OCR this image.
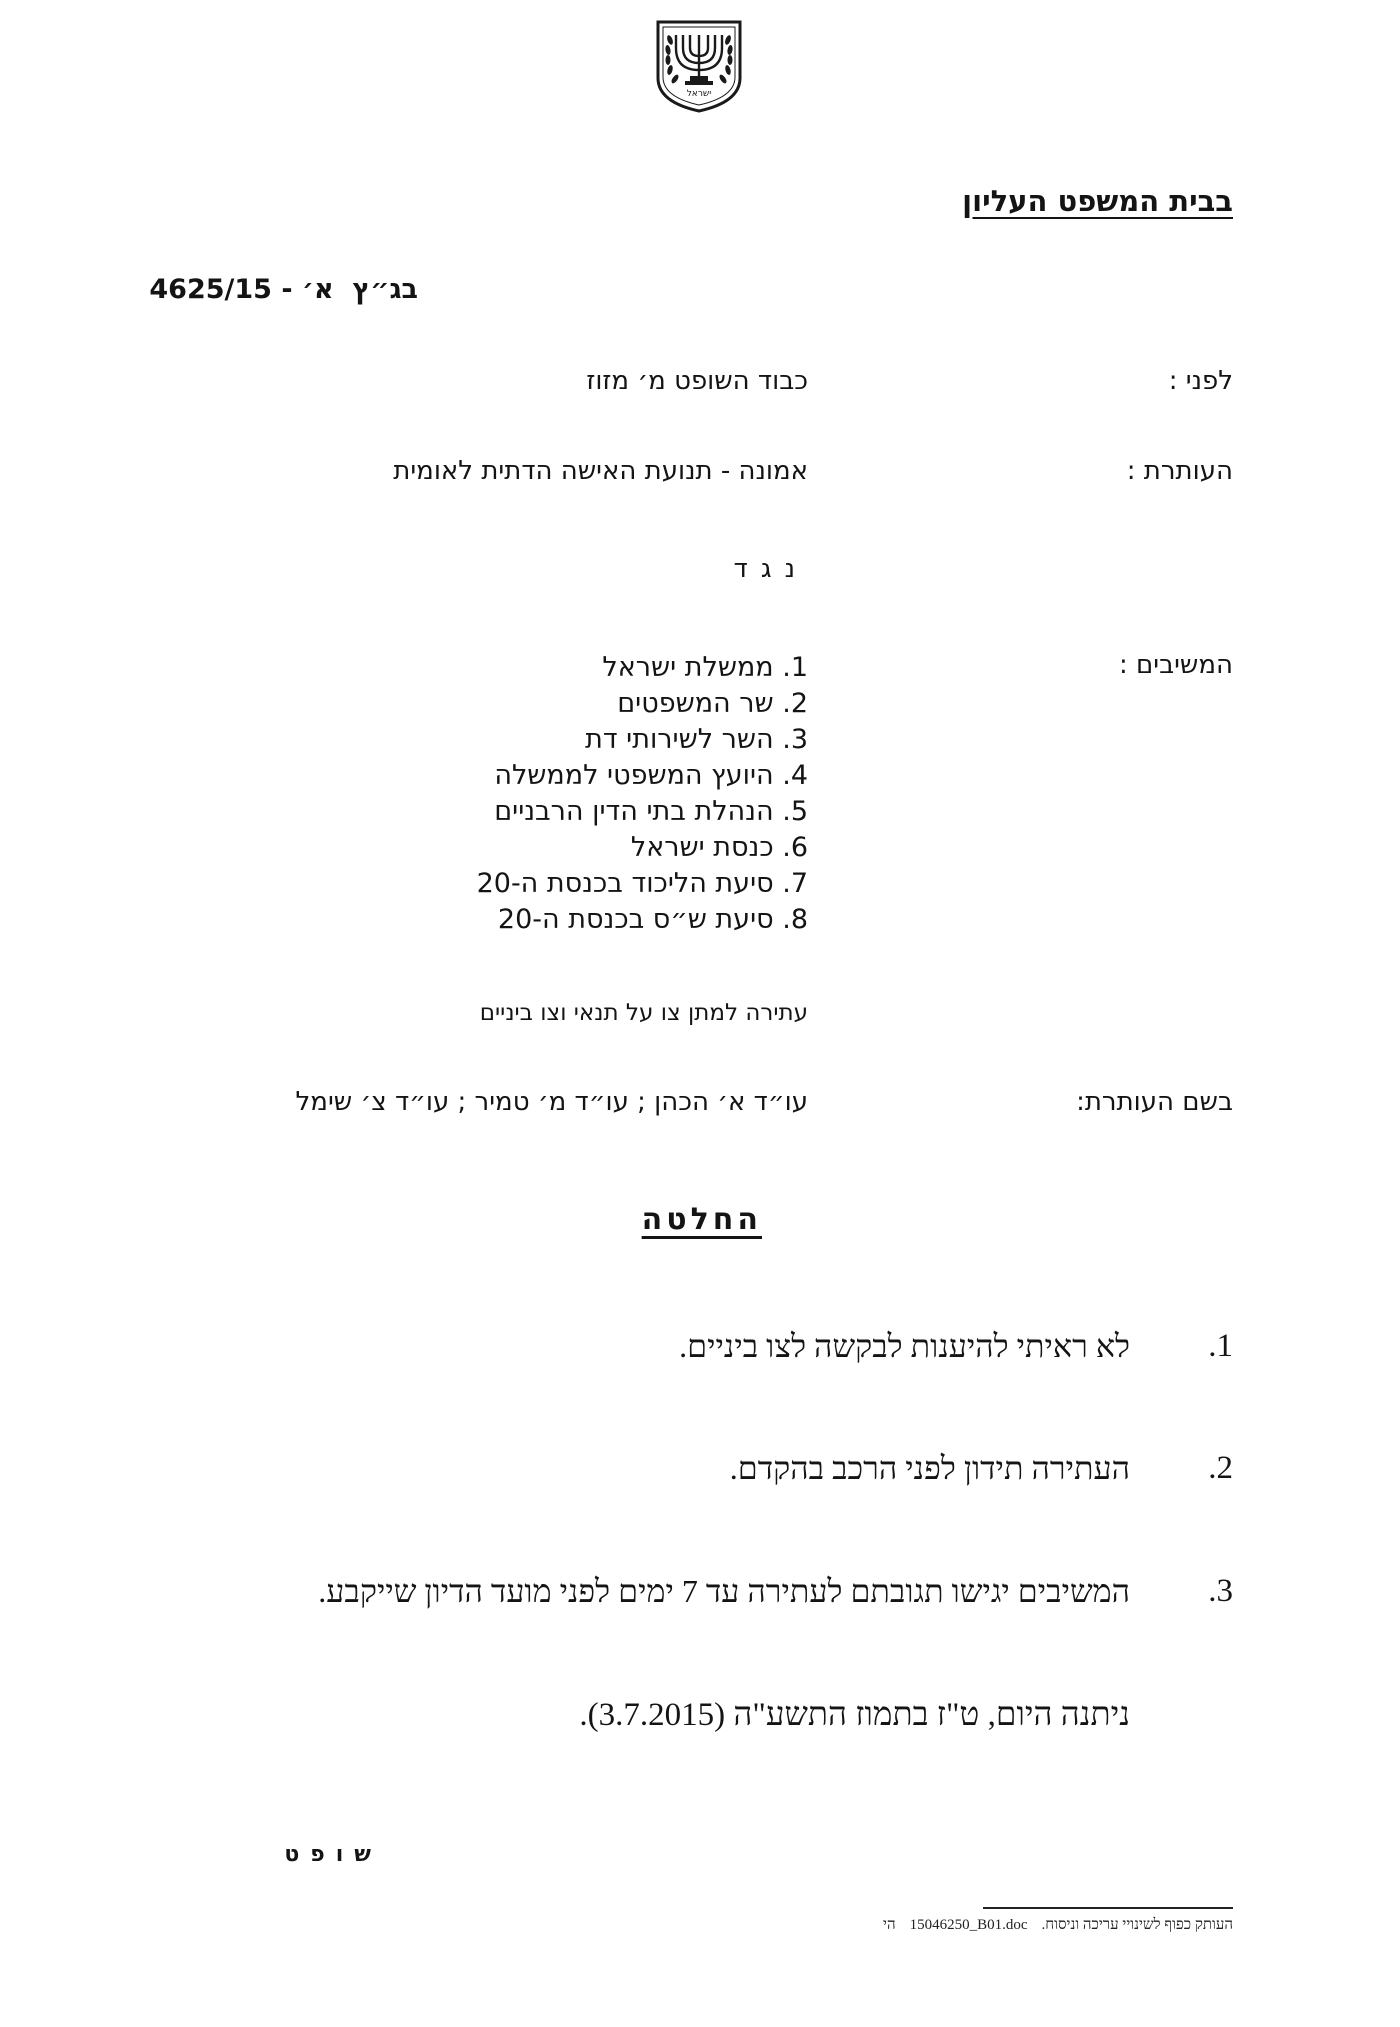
ישראל
בבית המשפט העליון
בג״ץ  4625/15 - א׳
לפני :
כבוד השופט מ׳ מזוז
העותרת :
אמונה - תנועת האישה הדתית לאומית
נגד
המשיבים :
1. ממשלת ישראל
2. שר המשפטים
3. השר לשירותי דת
4. היועץ המשפטי לממשלה
5. הנהלת בתי הדין הרבניים
6. כנסת ישראל
7. סיעת הליכוד בכנסת ה-20
8. סיעת ש״ס בכנסת ה-20
עתירה למתן צו על תנאי וצו ביניים
בשם העותרת:
עו״ד א׳ הכהן ; עו״ד מ׳ טמיר ; עו״ד צ׳ שימל
החלטה
1.
לא ראיתי להיענות לבקשה לצו ביניים.
2.
העתירה תידון לפני הרכב בהקדם.
3.
המשיבים יגישו תגובתם לעתירה עד 7 ימים לפני מועד הדיון שייקבע.
ניתנה היום, ט"ז בתמוז התשע"ה (3.7.2015).
שופט
העותק כפוף לשינויי עריכה וניסוח.15046250_B01.docהי
